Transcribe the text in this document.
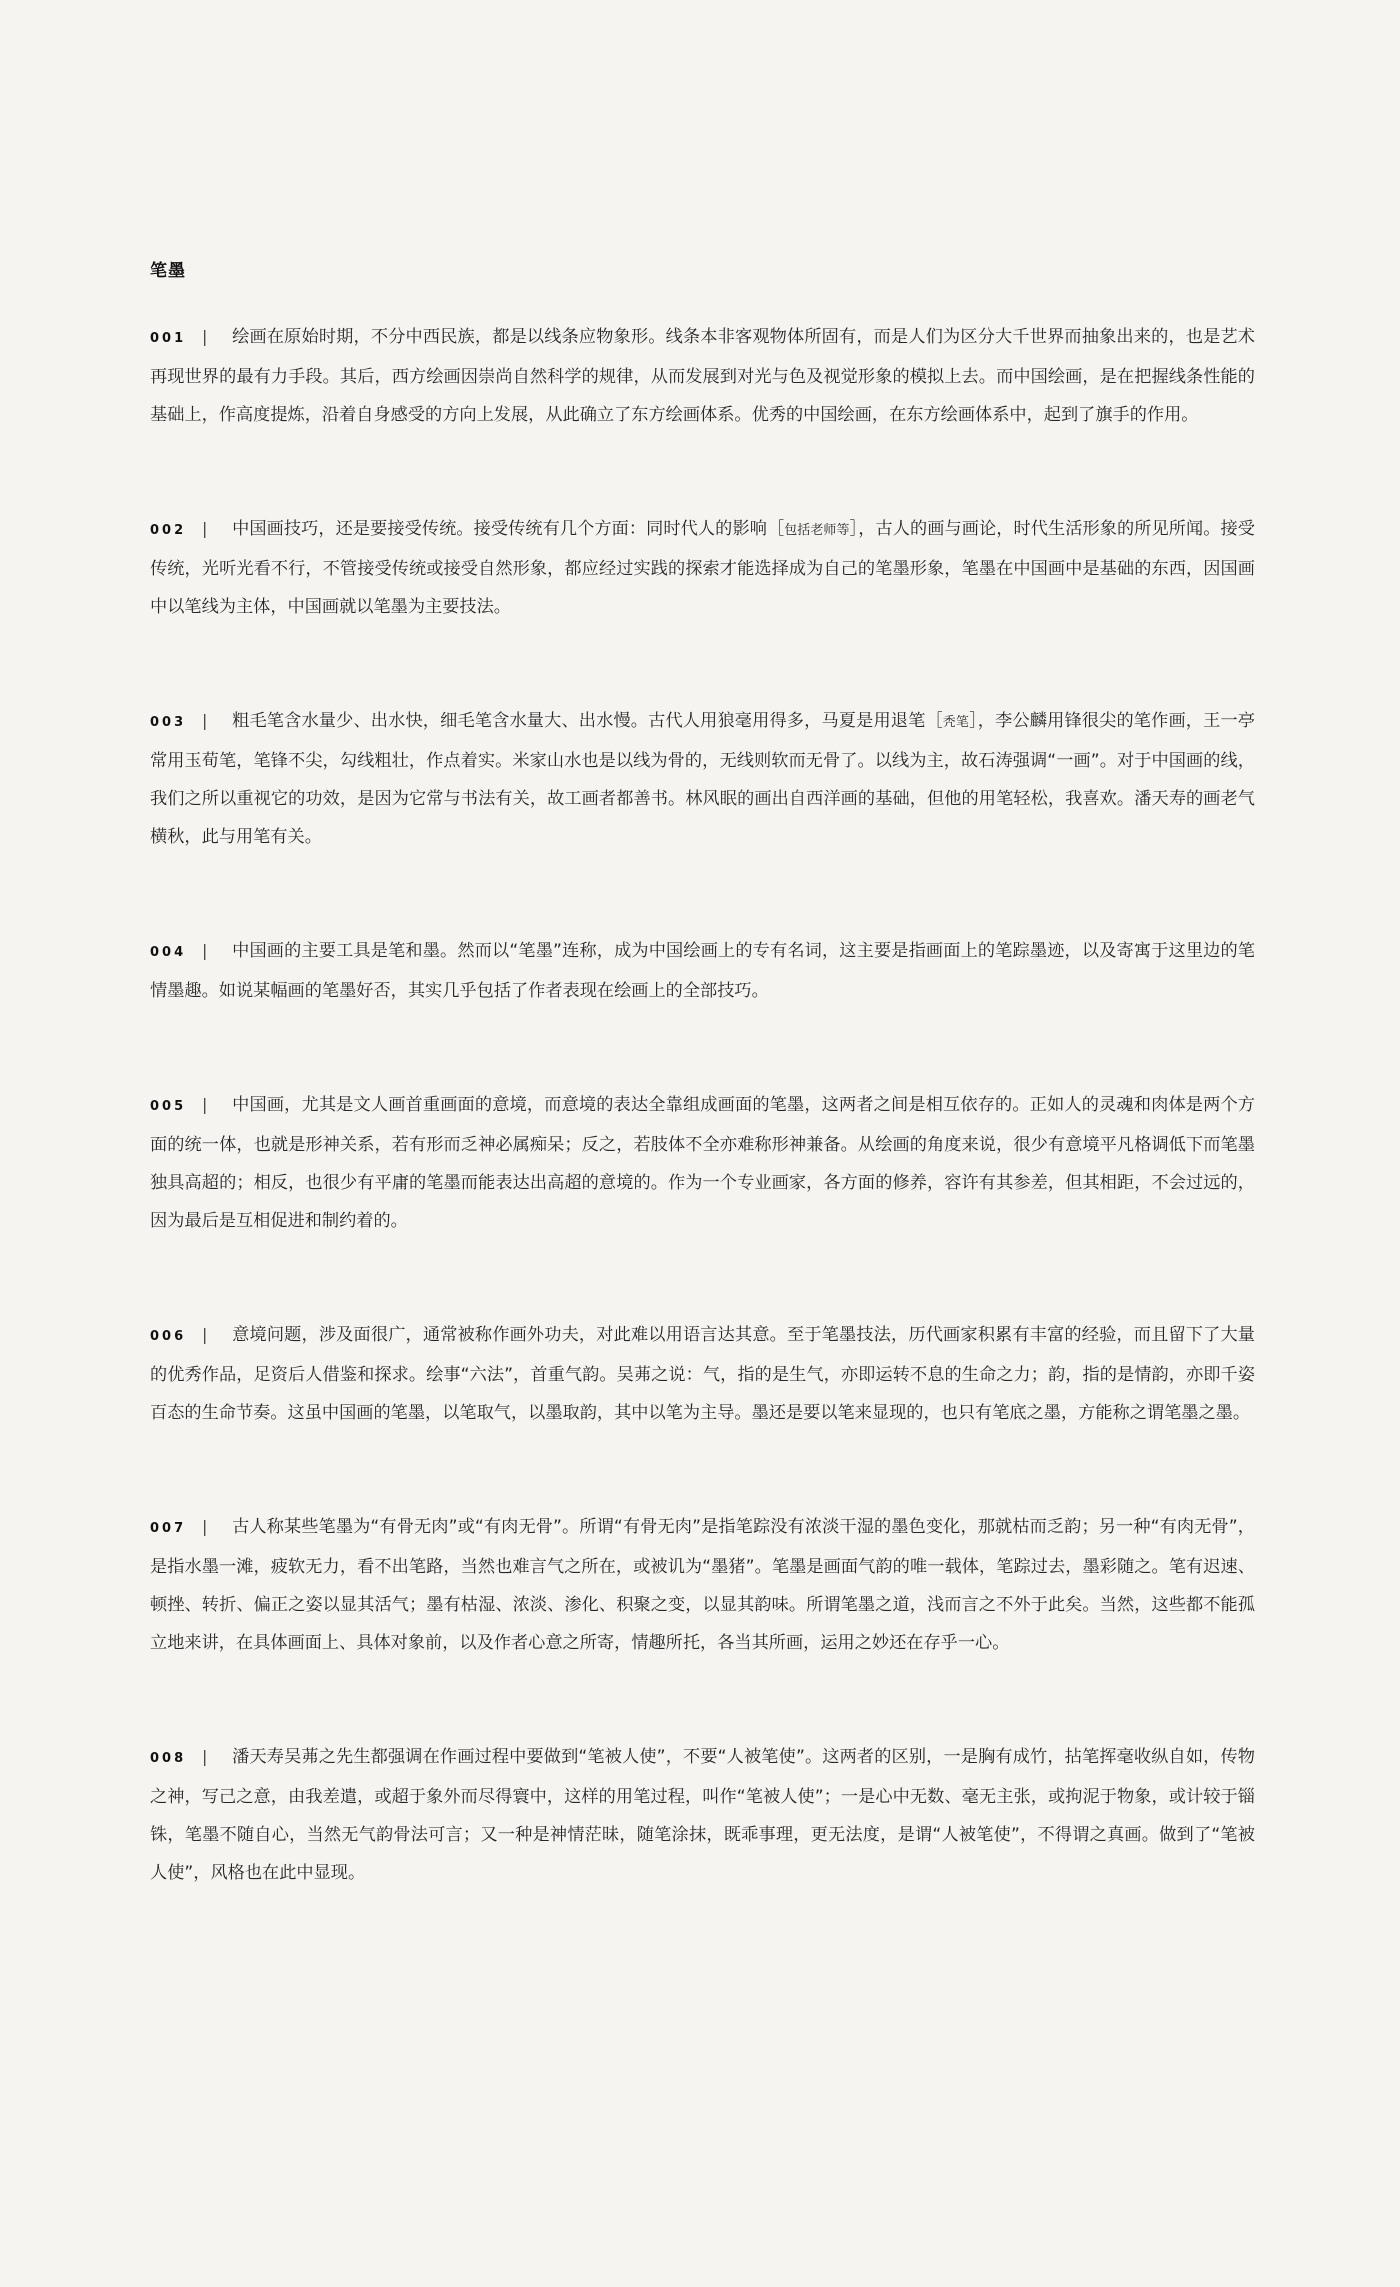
笔墨

001 | 绘画在原始时期，不分中西民族，都是以线条应物象形。线条本非客观物体所固有，而是人们为区分大千世界而抽象出来的，也是艺术再现世界的最有力手段。其后，西方绘画因崇尚自然科学的规律，从而发展到对光与色及视觉形象的模拟上去。而中国绘画，是在把握线条性能的基础上，作高度提炼，沿着自身感受的方向上发展，从此确立了东方绘画体系。优秀的中国绘画，在东方绘画体系中，起到了旗手的作用。

002 | 中国画技巧，还是要接受传统。接受传统有几个方面：同时代人的影响［包括老师等］，古人的画与画论，时代生活形象的所见所闻。接受传统，光听光看不行，不管接受传统或接受自然形象，都应经过实践的探索才能选择成为自己的笔墨形象，笔墨在中国画中是基础的东西，因国画中以笔线为主体，中国画就以笔墨为主要技法。

003 | 粗毛笔含水量少、出水快，细毛笔含水量大、出水慢。古代人用狼毫用得多，马夏是用退笔［秃笔］，李公麟用锋很尖的笔作画，王一亭常用玉荀笔，笔锋不尖，勾线粗壮，作点着实。米家山水也是以线为骨的，无线则软而无骨了。以线为主，故石涛强调“一画”。对于中国画的线，我们之所以重视它的功效，是因为它常与书法有关，故工画者都善书。林风眠的画出自西洋画的基础，但他的用笔轻松，我喜欢。潘天寿的画老气横秋，此与用笔有关。

004 | 中国画的主要工具是笔和墨。然而以“笔墨”连称，成为中国绘画上的专有名词，这主要是指画面上的笔踪墨迹，以及寄寓于这里边的笔情墨趣。如说某幅画的笔墨好否，其实几乎包括了作者表现在绘画上的全部技巧。

005 | 中国画，尤其是文人画首重画面的意境，而意境的表达全靠组成画面的笔墨，这两者之间是相互依存的。正如人的灵魂和肉体是两个方面的统一体，也就是形神关系，若有形而乏神必属痴呆；反之，若肢体不全亦难称形神兼备。从绘画的角度来说，很少有意境平凡格调低下而笔墨独具高超的；相反，也很少有平庸的笔墨而能表达出高超的意境的。作为一个专业画家，各方面的修养，容许有其参差，但其相距，不会过远的，因为最后是互相促进和制约着的。

006 | 意境问题，涉及面很广，通常被称作画外功夫，对此难以用语言达其意。至于笔墨技法，历代画家积累有丰富的经验，而且留下了大量的优秀作品，足资后人借鉴和探求。绘事“六法”，首重气韵。吴茀之说：气，指的是生气，亦即运转不息的生命之力；韵，指的是情韵，亦即千姿百态的生命节奏。这虽中国画的笔墨，以笔取气，以墨取韵，其中以笔为主导。墨还是要以笔来显现的，也只有笔底之墨，方能称之谓笔墨之墨。

007 | 古人称某些笔墨为“有骨无肉”或“有肉无骨”。所谓“有骨无肉”是指笔踪没有浓淡干湿的墨色变化，那就枯而乏韵；另一种“有肉无骨”，是指水墨一滩，疲软无力，看不出笔路，当然也难言气之所在，或被讥为“墨猪”。笔墨是画面气韵的唯一载体，笔踪过去，墨彩随之。笔有迟速、顿挫、转折、偏正之姿以显其活气；墨有枯湿、浓淡、渗化、积聚之变，以显其韵味。所谓笔墨之道，浅而言之不外于此矣。当然，这些都不能孤立地来讲，在具体画面上、具体对象前，以及作者心意之所寄，情趣所托，各当其所画，运用之妙还在存乎一心。

008 | 潘天寿吴茀之先生都强调在作画过程中要做到“笔被人使”，不要“人被笔使”。这两者的区别，一是胸有成竹，拈笔挥毫收纵自如，传物之神，写己之意，由我差遣，或超于象外而尽得寰中，这样的用笔过程，叫作“笔被人使”；一是心中无数、毫无主张，或拘泥于物象，或计较于锱铢，笔墨不随自心，当然无气韵骨法可言；又一种是神情茫昧，随笔涂抹，既乖事理，更无法度，是谓“人被笔使”，不得谓之真画。做到了“笔被人使”，风格也在此中显现。
